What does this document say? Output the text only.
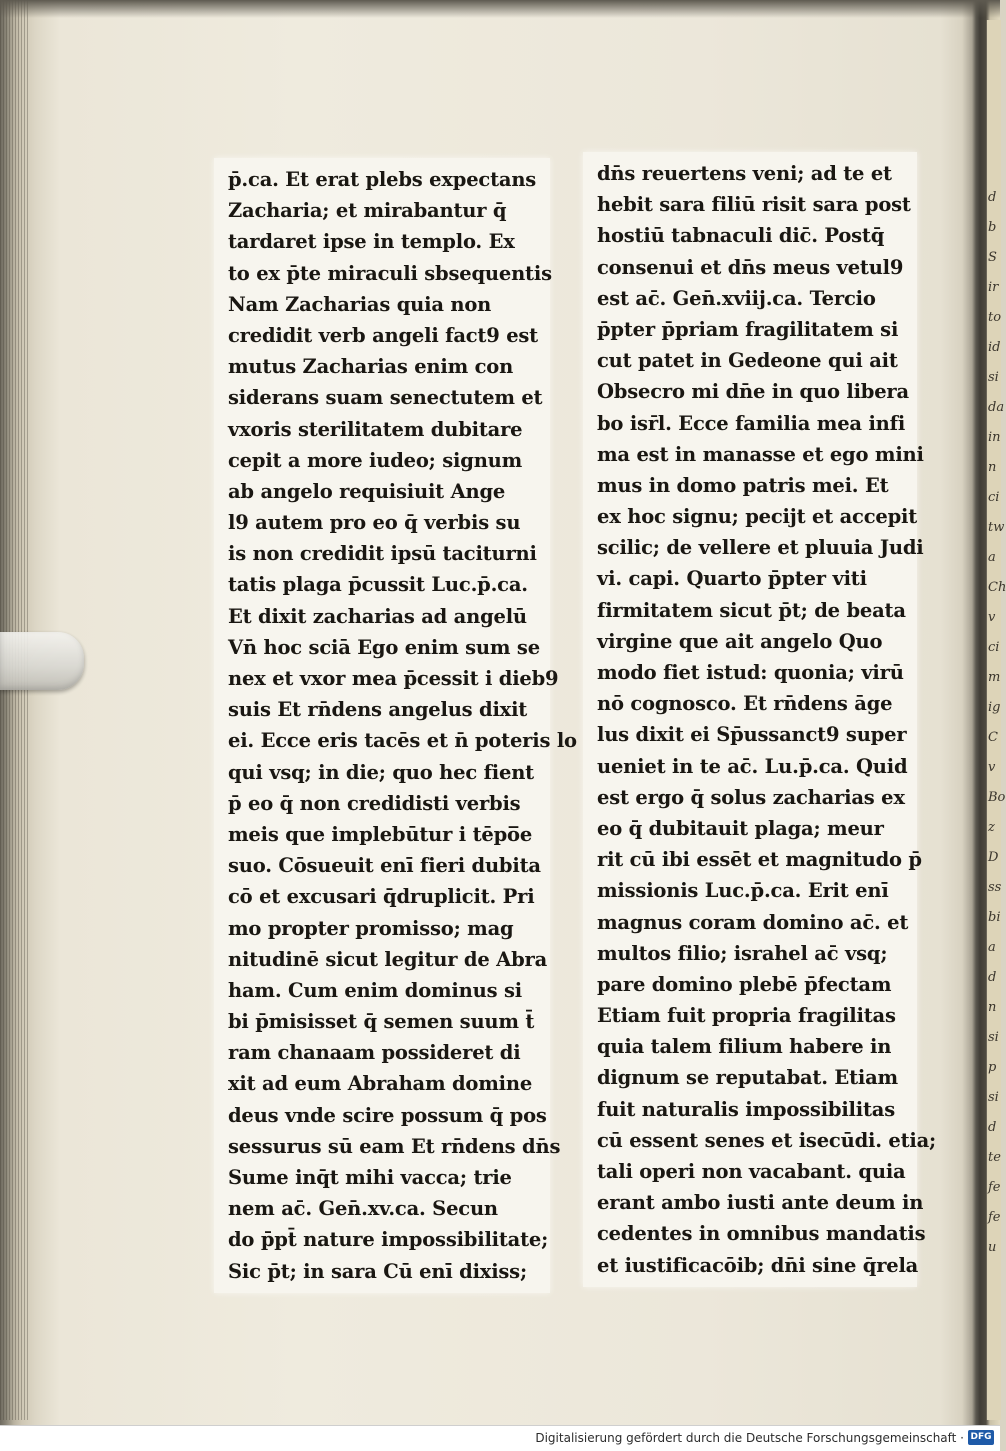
d
b
S
ir
to
id
si
da
in
n
ci
tw
a
Ch
v
ci
m
ig
C
v
Bo
z
D
ss
bi
a
d
n
si
p
si
d
te
fe
fe
u
p̄.ca. Et erat plebs expectans
Zacharia; et mirabantur q̄
tardaret ipse in templo. Ex
to ex p̄te miraculi sbsequentis
Nam Zacharias quia non
credidit verb angeli fact9 est
mutus Zacharias enim con
siderans suam senectutem et
vxoris sterilitatem dubitare
cepit a more iudeo; signum
ab angelo requisiuit Ange
l9 autem pro eo q̄ verbis su
is non credidit ipsū taciturni
tatis plaga p̄cussit Luc.p̄.ca.
Et dixit zacharias ad angelū
Vn̄ hoc sciā Ego enim sum se
nex et vxor mea p̄cessit i dieb9
suis Et rn̄dens angelus dixit
ei. Ecce eris tacēs et n̄ poteris lo
qui vsq; in die; quo hec fient
p̄ eo q̄ non credidisti verbis
meis que implebūtur i tēpo̅e
suo. Cōsueuit enī fieri dubita
cō et excusari q̄druplicit. Pri
mo propter promisso; mag
nitudinē sicut legitur de Abra
ham. Cum enim dominus si
bi p̄misisset q̄ semen suum t̄
ram chanaam possideret di
xit ad eum Abraham domine
deus vnde scire possum q̄ pos
sessurus sū eam Et rn̄dens dn̄s
Sume inq̄t mihi vacca; trie
nem ac̄. Gen̄.xv.ca. Secun
do p̄pt̄ nature impossibilitate;
Sic p̄t; in sara Cū enī dixiss;
dn̄s reuertens veni; ad te et
hebit sara filiū risit sara post
hostiū tabnaculi dic̄. Postq̄
consenui et dn̄s meus vetul9
est ac̄. Gen̄.xviij.ca. Tercio
p̄pter p̄priam fragilitatem si
cut patet in Gedeone qui ait
Obsecro mi dn̄e in quo libera
bo isr̄l. Ecce familia mea infi
ma est in manasse et ego mini
mus in domo patris mei. Et
ex hoc signu; pecijt et accepit
scilic; de vellere et pluuia Judi
vi. capi. Quarto p̄pter viti
firmitatem sicut p̄t; de beata
virgine que ait angelo Quo
modo fiet istud: quonia; virū
nō cognosco. Et rn̄dens āge
lus dixit ei Sp̄ussanct9 super
ueniet in te ac̄. Lu.p̄.ca. Quid
est ergo q̄ solus zacharias ex
eo q̄ dubitauit plaga; meur
rit cū ibi essēt et magnitudo p̄
missionis Luc.p̄.ca. Erit enī
magnus coram domino ac̄. et
multos filio; israhel ac̄ vsq;
pare domino plebē p̄fectam
Etiam fuit propria fragilitas
quia talem filium habere in
dignum se reputabat. Etiam
fuit naturalis impossibilitas
cū essent senes et isecūdi. etia;
tali operi non vacabant. quia
erant ambo iusti ante deum in
cedentes in omnibus mandatis
et iustificacōib; dn̄i sine q̄rela
Digitalisierung gefördert durch die Deutsche Forschungsgemeinschaft · DFG
